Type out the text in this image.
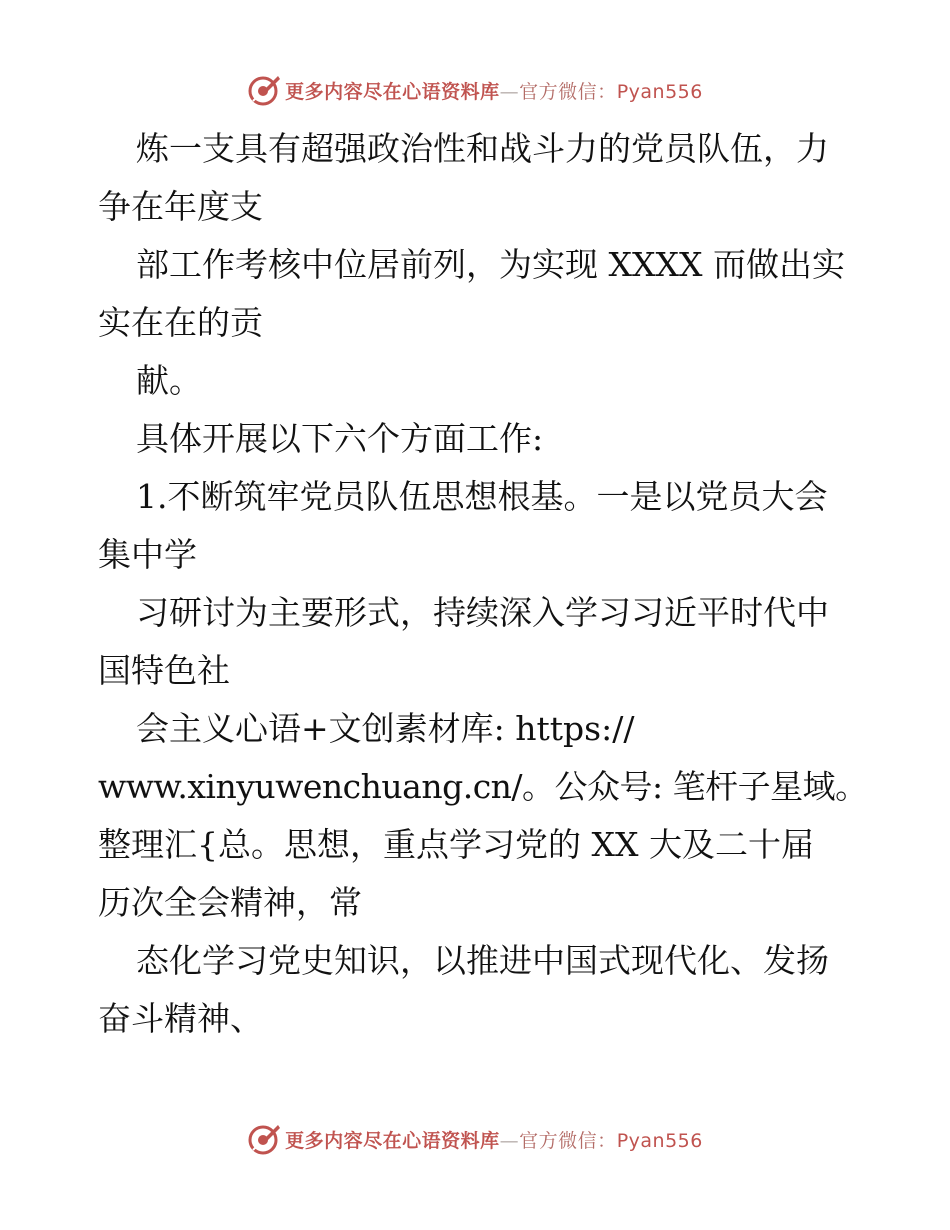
更多内容尽在心语资料库—官方微信：Pyan556
炼一支具有超强政治性和战斗力的党员队伍，力
争在年度支
部工作考核中位居前列，为实现 XXXX 而做出实
实在在的贡
献。
具体开展以下六个方面工作:
1.不断筑牢党员队伍思想根基。一是以党员大会
集中学
习研讨为主要形式，持续深入学习习近平时代中
国特色社
会主义心语+文创素材库: https://
www.xinyuwenchuang.cn/。公众号: 笔杆子星域。
整理汇{总。思想，重点学习党的 XX 大及二十届
历次全会精神，常
态化学习党史知识，以推进中国式现代化、发扬
奋斗精神、
更多内容尽在心语资料库—官方微信：Pyan556
